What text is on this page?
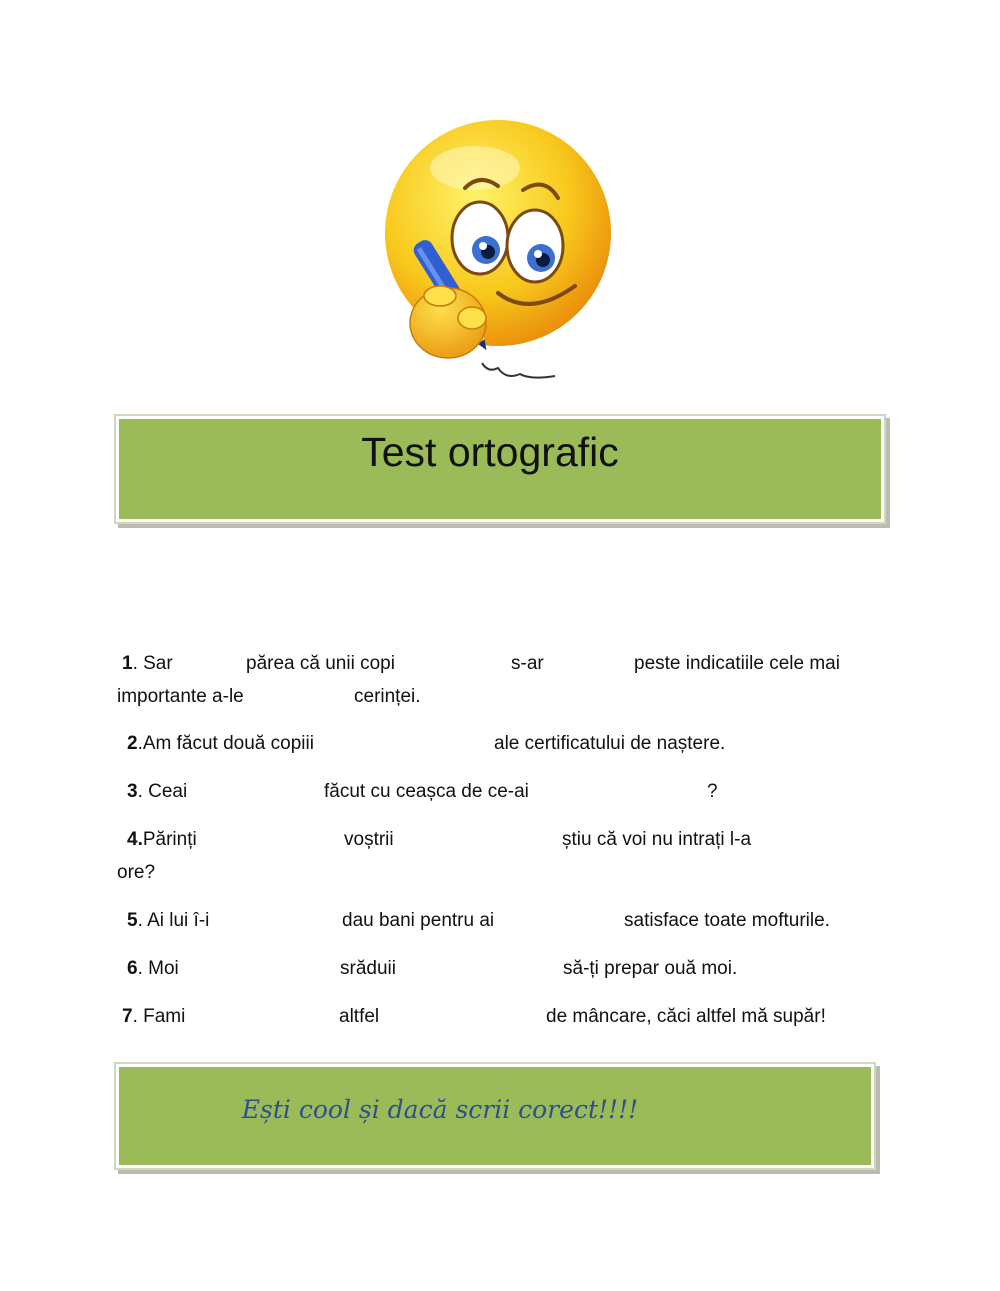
Test ortografic
1. Sar	părea că unii copi	s-ar	peste indicatiile cele mai
importante a-le	cerinței.
2.Am făcut două copiii	ale certificatului de naștere.
3. Ceai	făcut cu ceașca de ce-ai	?
4.Părinți	voștrii	știu că voi nu intrați l-a
ore?
5. Ai lui î-i	dau bani pentru ai	satisface toate mofturile.
6. Moi	srăduii	să-ți prepar ouă moi.
7. Fami	altfel	de mâncare, căci altfel mă supăr!
Ești cool și dacă scrii corect!!!!
